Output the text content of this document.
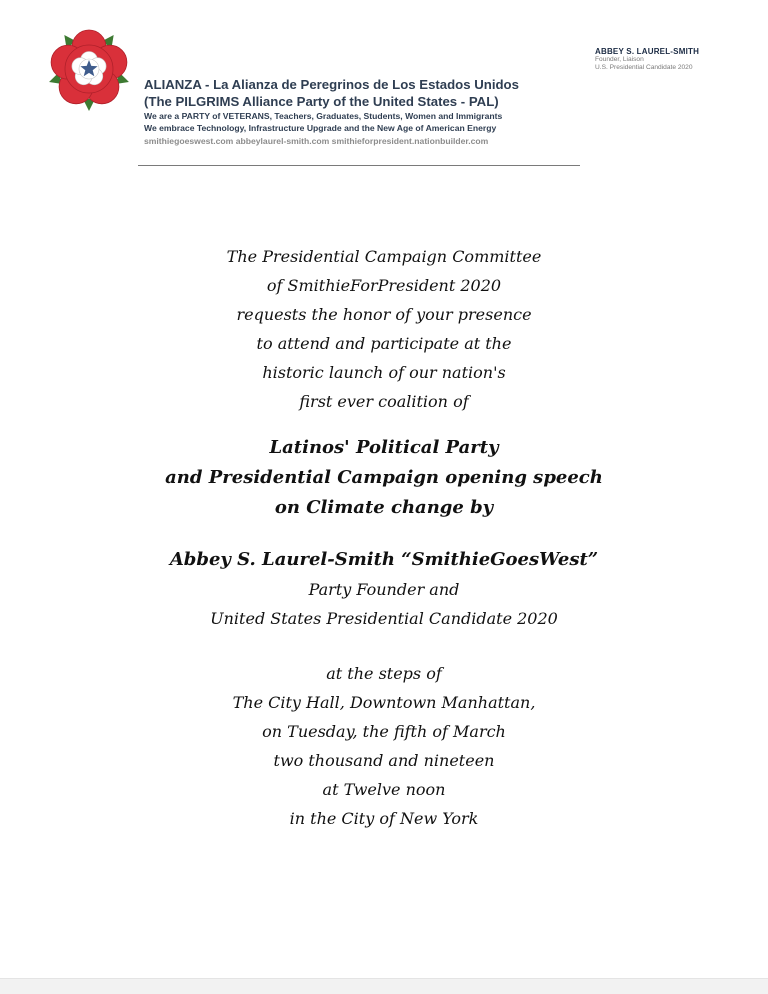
ABBEY S. LAUREL-SMITH
Founder, Liaison
U.S. Presidential Candidate 2020
ALIANZA - La Alianza de Peregrinos de Los Estados Unidos
(The PILGRIMS Alliance Party of the United States - PAL)
We are a PARTY of VETERANS, Teachers, Graduates, Students, Women and Immigrants
We embrace Technology, Infrastructure Upgrade and the New Age of American Energy
smithiegoeswest.com abbeylaurel-smith.com smithieforpresident.nationbuilder.com
The Presidential Campaign Committee
of SmithieForPresident 2020
requests the honor of your presence
to attend and participate at the
historic launch of our nation's
first ever coalition of
Latinos' Political Party
and Presidential Campaign opening speech
on Climate change by
Abbey S. Laurel-Smith “SmithieGoesWest”
Party Founder and
United States Presidential Candidate 2020
at the steps of
The City Hall, Downtown Manhattan,
on Tuesday, the fifth of March
two thousand and nineteen
at Twelve noon
in the City of New York
